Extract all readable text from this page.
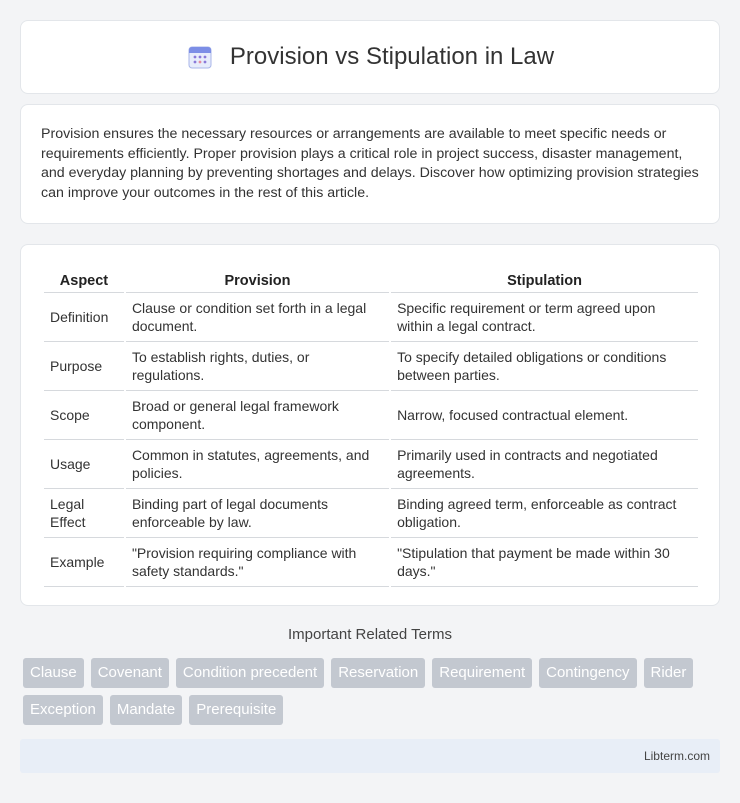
Provision vs Stipulation in Law

Provision ensures the necessary resources or arrangements are available to meet specific needs or requirements efficiently. Proper provision plays a critical role in project success, disaster management, and everyday planning by preventing shortages and delays. Discover how optimizing provision strategies can improve your outcomes in the rest of this article.

Aspect	Provision	Stipulation
Definition	Clause or condition set forth in a legal document.	Specific requirement or term agreed upon within a legal contract.
Purpose	To establish rights, duties, or regulations.	To specify detailed obligations or conditions between parties.
Scope	Broad or general legal framework component.	Narrow, focused contractual element.
Usage	Common in statutes, agreements, and policies.	Primarily used in contracts and negotiated agreements.
Legal Effect	Binding part of legal documents enforceable by law.	Binding agreed term, enforceable as contract obligation.
Example	"Provision requiring compliance with safety standards."	"Stipulation that payment be made within 30 days."
Important Related Terms
Clause	Covenant	Condition precedent	Reservation	Requirement	Contingency	Rider
Exception	Mandate	Prerequisite
Libterm.com
